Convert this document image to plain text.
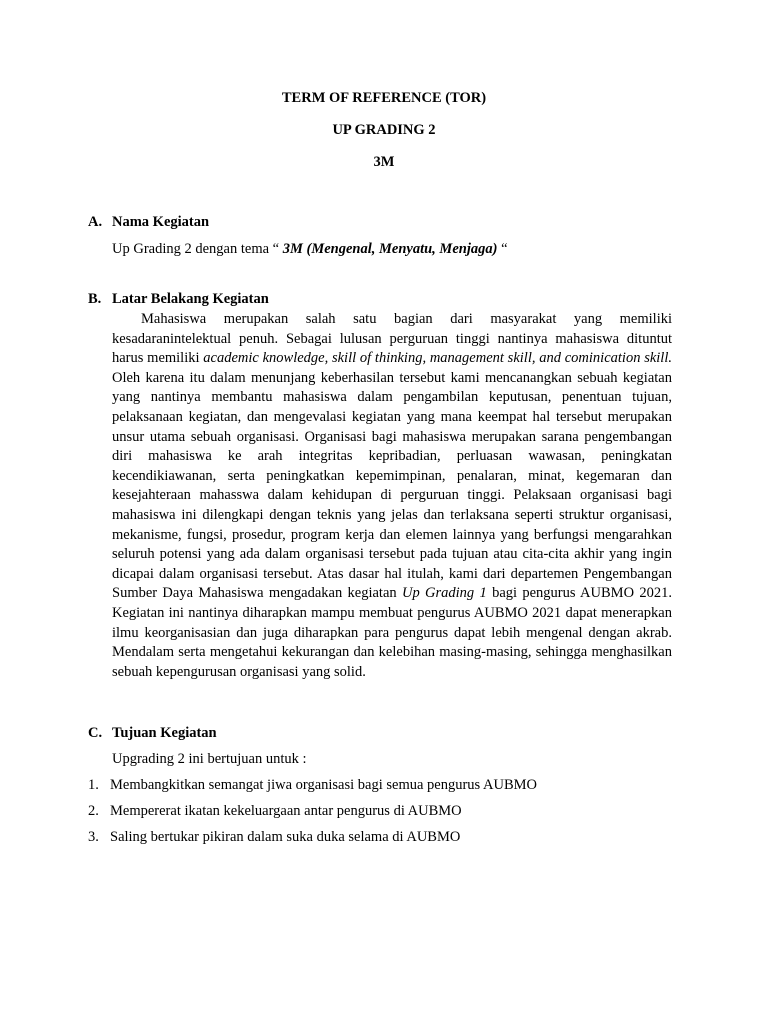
TERM OF REFERENCE (TOR)
UP GRADING 2
3M
A. Nama Kegiatan
Up Grading 2 dengan tema “ 3M (Mengenal, Menyatu, Menjaga) “
B. Latar Belakang Kegiatan
Mahasiswa merupakan salah satu bagian dari masyarakat yang memiliki kesadaranintelektual penuh. Sebagai lulusan perguruan tinggi nantinya mahasiswa dituntut harus memiliki academic knowledge, skill of thinking, management skill, and cominication skill. Oleh karena itu dalam menunjang keberhasilan tersebut kami mencanangkan sebuah kegiatan yang nantinya membantu mahasiswa dalam pengambilan keputusan, penentuan tujuan, pelaksanaan kegiatan, dan mengevalasi kegiatan yang mana keempat hal tersebut merupakan unsur utama sebuah organisasi. Organisasi bagi mahasiswa merupakan sarana pengembangan diri mahasiswa ke arah integritas kepribadian, perluasan wawasan, peningkatan kecendikiawanan, serta peningkatkan kepemimpinan, penalaran, minat, kegemaran dan kesejahteraan mahasswa dalam kehidupan di perguruan tinggi. Pelaksaan organisasi bagi mahasiswa ini dilengkapi dengan teknis yang jelas dan terlaksana seperti struktur organisasi, mekanisme, fungsi, prosedur, program kerja dan elemen lainnya yang berfungsi mengarahkan seluruh potensi yang ada dalam organisasi tersebut pada tujuan atau cita-cita akhir yang ingin dicapai dalam organisasi tersebut. Atas dasar hal itulah, kami dari departemen Pengembangan Sumber Daya Mahasiswa mengadakan kegiatan Up Grading 1 bagi pengurus AUBMO 2021. Kegiatan ini nantinya diharapkan mampu membuat pengurus AUBMO 2021 dapat menerapkan ilmu keorganisasian dan juga diharapkan para pengurus dapat lebih mengenal dengan akrab. Mendalam serta mengetahui kekurangan dan kelebihan masing-masing, sehingga menghasilkan sebuah kepengurusan organisasi yang solid.
C. Tujuan Kegiatan
Upgrading 2 ini bertujuan untuk :
1. Membangkitkan semangat jiwa organisasi bagi semua pengurus AUBMO
2. Mempererat ikatan kekeluargaan antar pengurus di AUBMO
3. Saling bertukar pikiran dalam suka duka selama di AUBMO
